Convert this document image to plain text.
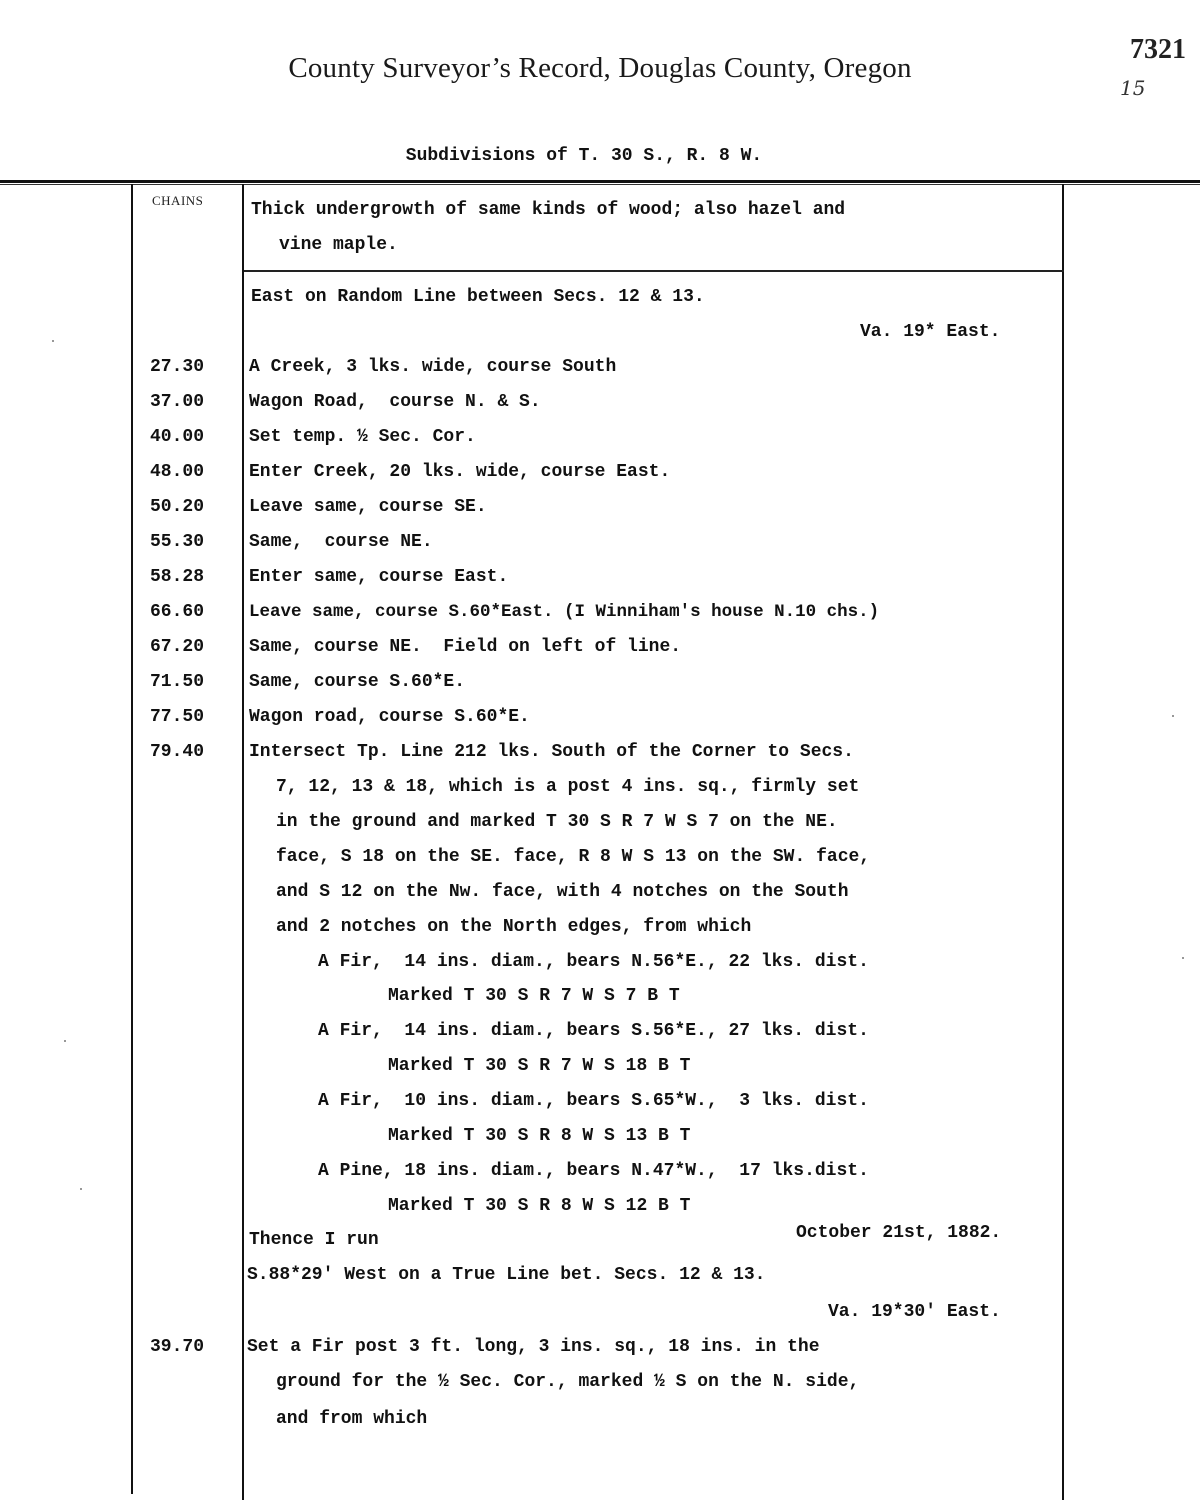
County Surveyor’s Record, Douglas County, Oregon
7321
15
Subdivisions of T. 30 S., R. 8 W.
CHAINS	Thick undergrowth of same kinds of wood; also hazel and
vine maple.
East on Random Line between Secs. 12 & 13.
Va. 19* East.
27.30 A Creek, 3 lks. wide, course South
37.00 Wagon Road,  course N. & S.
40.00 Set temp. ½ Sec. Cor.
48.00 Enter Creek, 20 lks. wide, course East.
50.20 Leave same, course SE.
55.30 Same,  course NE.
58.28 Enter same, course East.
66.60	Leave same, course S.60*East. (I Winniham's house N.10 chs.)
67.20 Same, course NE.  Field on left of line.
71.50 Same, course S.60*E.
77.50 Wagon road, course S.60*E.
79.40 Intersect Tp. Line 212 lks. South of the Corner to Secs.
7, 12, 13 & 18, which is a post 4 ins. sq., firmly set
in the ground and marked T 30 S R 7 W S 7 on the NE.
face, S 18 on the SE. face, R 8 W S 13 on the SW. face,
and S 12 on the Nw. face, with 4 notches on the South
and 2 notches on the North edges, from which
A Fir,  14 ins. diam., bears N.56*E., 22 lks. dist.
Marked T 30 S R 7 W S 7 B T
A Fir,  14 ins. diam., bears S.56*E., 27 lks. dist.
Marked T 30 S R 7 W S 18 B T
A Fir,  10 ins. diam., bears S.65*W.,  3 lks. dist.
Marked T 30 S R 8 W S 13 B T
A Pine, 18 ins. diam., bears N.47*W.,  17 lks.dist.
Marked T 30 S R 8 W S 12 B T
Thence I run	October 21st, 1882.
S.88*29' West on a True Line bet. Secs. 12 & 13.
Va. 19*30' East.
39.70 Set a Fir post 3 ft. long, 3 ins. sq., 18 ins. in the
ground for the ½ Sec. Cor., marked ½ S on the N. side,
and from which
